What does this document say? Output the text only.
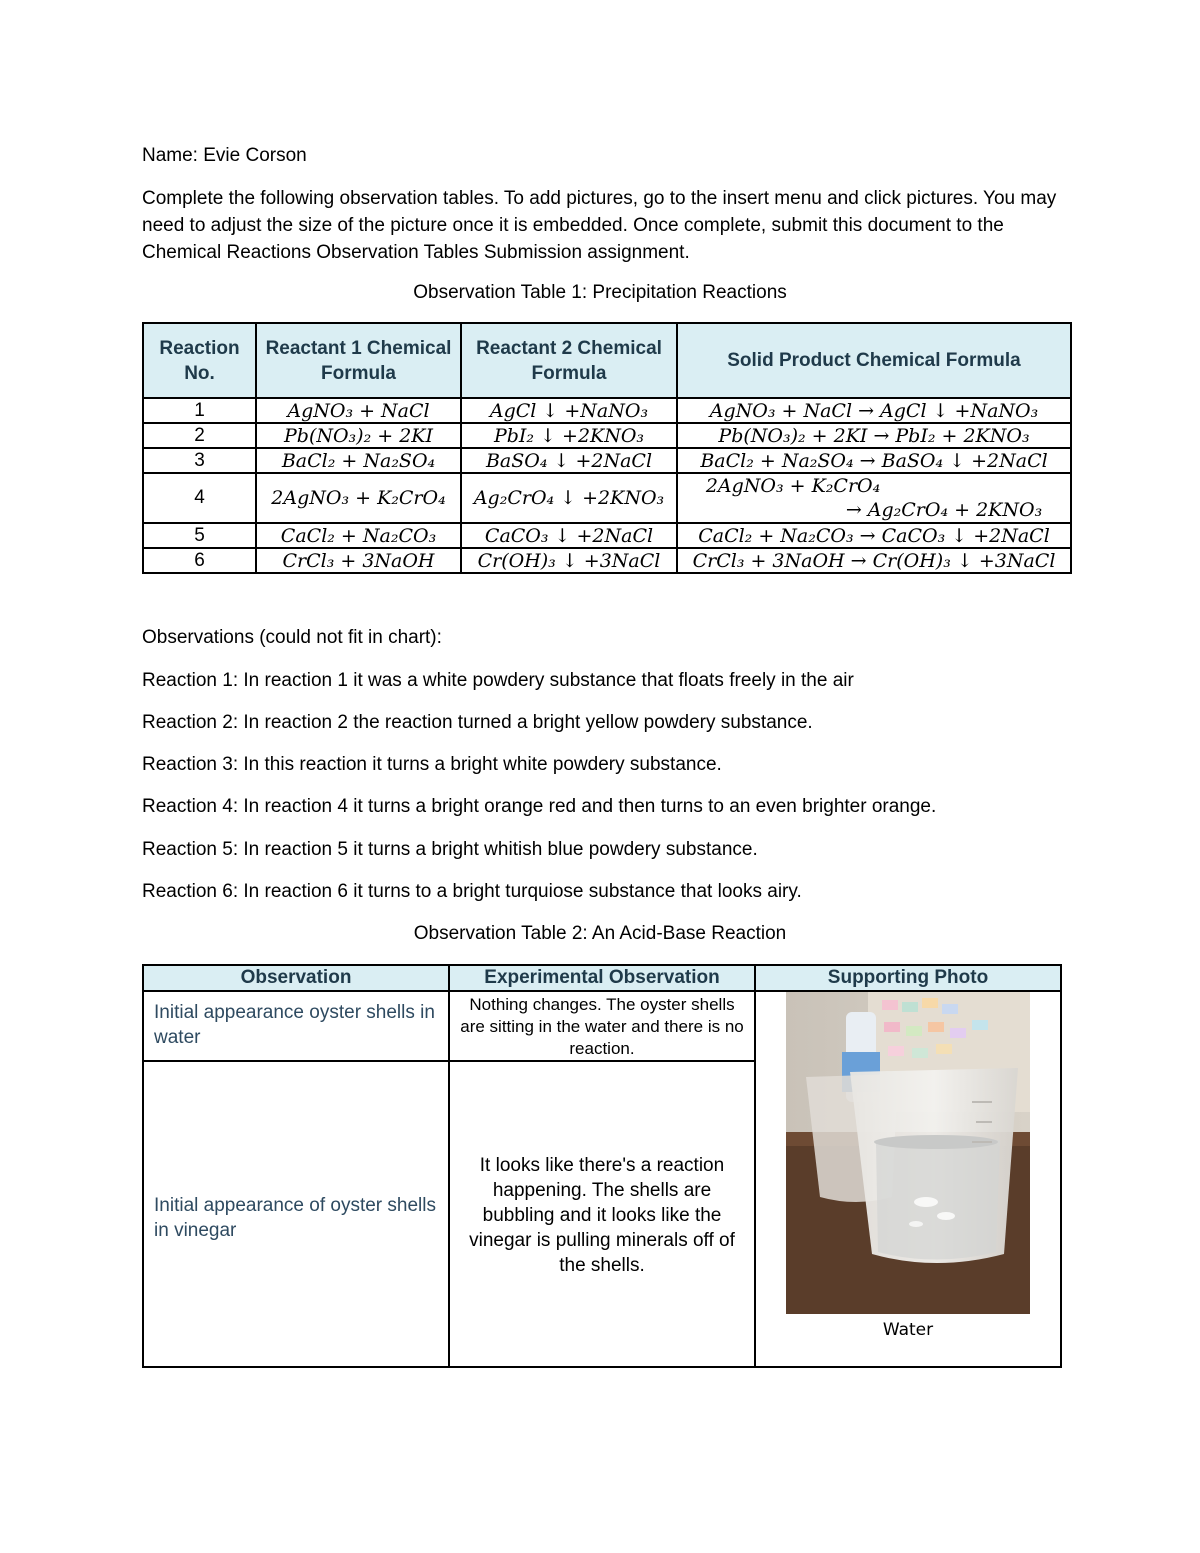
Name: Evie Corson

Complete the following observation tables. To add pictures, go to the insert menu and click pictures. You may need to adjust the size of the picture once it is embedded. Once complete, submit this document to the Chemical Reactions Observation Tables Submission assignment.

Observation Table 1: Precipitation Reactions
Reaction No.	Reactant 1 Chemical Formula	Reactant 2 Chemical Formula	Solid Product Chemical Formula
1	AgNO₃ + NaCl	AgCl ↓ +NaNO₃	AgNO₃ + NaCl → AgCl ↓ +NaNO₃
2	Pb(NO₃)₂ + 2KI	PbI₂ ↓ +2KNO₃	Pb(NO₃)₂ + 2KI → PbI₂ + 2KNO₃
3	BaCl₂ + Na₂SO₄	BaSO₄ ↓ +2NaCl	BaCl₂ + Na₂SO₄ → BaSO₄ ↓ +2NaCl
4	2AgNO₃ + K₂CrO₄	Ag₂CrO₄ ↓ +2KNO₃	2AgNO₃ + K₂CrO₄
→ Ag₂CrO₄ + 2KNO₃

5	CaCl₂ + Na₂CO₃	CaCO₃ ↓ +2NaCl	CaCl₂ + Na₂CO₃ → CaCO₃ ↓ +2NaCl
6	CrCl₃ + 3NaOH	Cr(OH)₃ ↓ +3NaCl	CrCl₃ + 3NaOH → Cr(OH)₃ ↓ +3NaCl

Observations (could not fit in chart):

Reaction 1: In reaction 1 it was a white powdery substance that floats freely in the air

Reaction 2: In reaction 2 the reaction turned a bright yellow powdery substance.

Reaction 3: In this reaction it turns a bright white powdery substance.

Reaction 4: In reaction 4 it turns a bright orange red and then turns to an even brighter orange.

Reaction 5: In reaction 5 it turns a bright whitish blue powdery substance.

Reaction 6: In reaction 6 it turns to a bright turquiose substance that looks airy.

Observation Table 2: An Acid-Base Reaction
Observation	Experimental Observation	Supporting Photo
Initial appearance oyster shells in water	Nothing changes. The oyster shells are sitting in the water and there is no reaction.	Water

Initial appearance of oyster shells in vinegar	It looks like there's a reaction happening. The shells are bubbling and it looks like the vinegar is pulling minerals off of the shells.	
